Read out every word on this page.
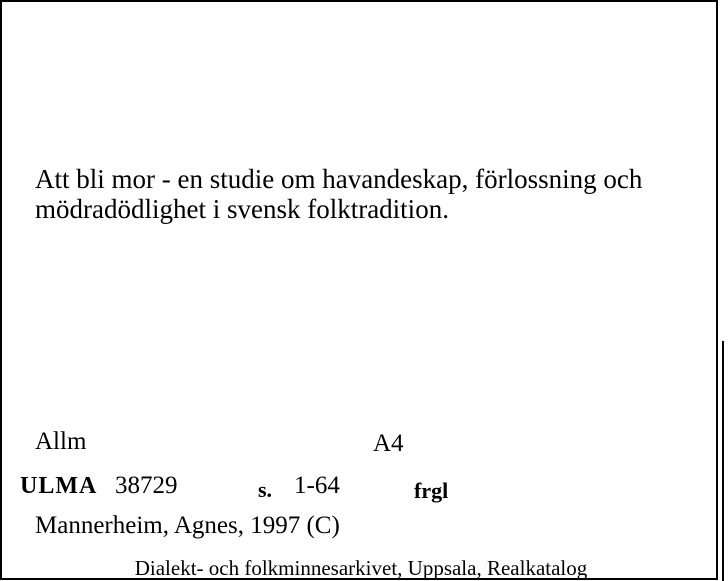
Att bli mor - en studie om havandeskap, förlossning och mödradödlighet i svensk folktradition.
Allm	A4
ULMA 38729	s. 1-64	frgl
Mannerheim, Agnes, 1997 (C)
Dialekt- och folkminnesarkivet, Uppsala, Realkatalog
